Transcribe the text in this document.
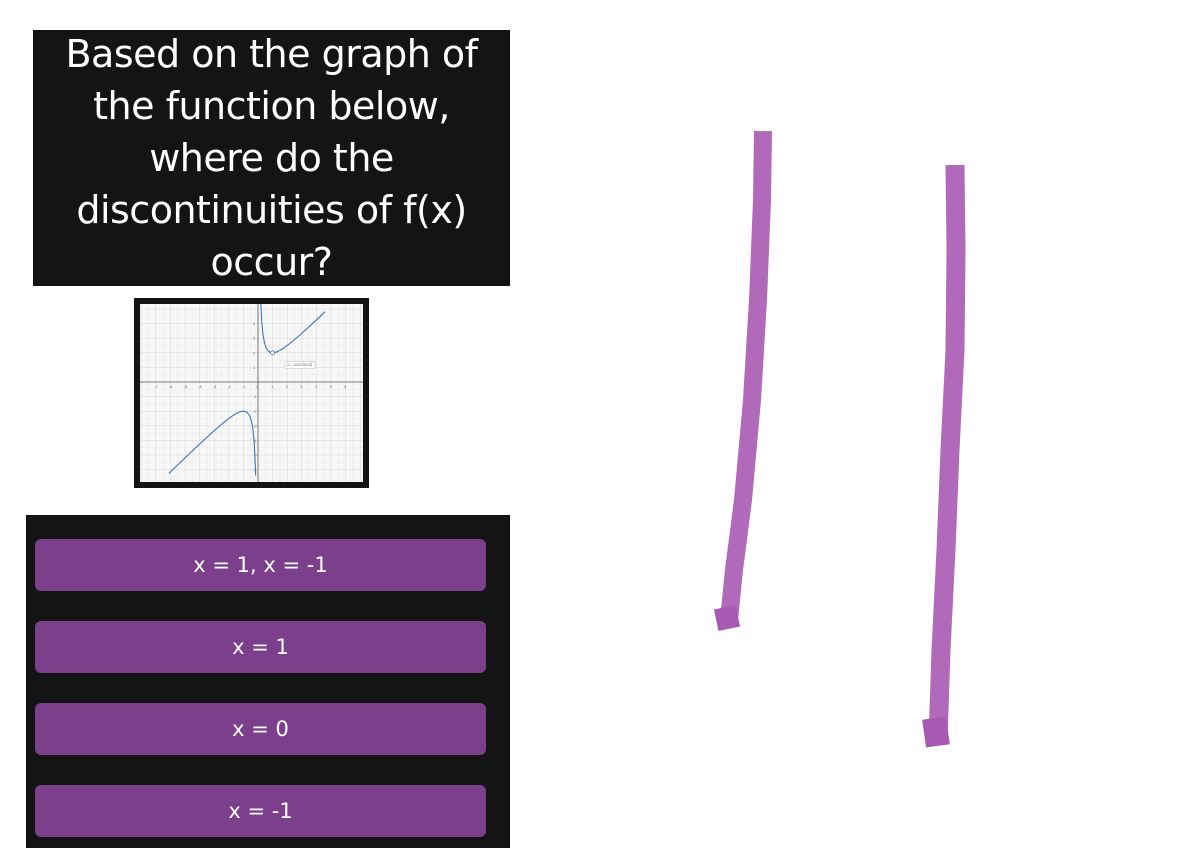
Based on the graph of
the function below,
where do the
discontinuities of f(x)
occur?
-7	-6	-5	-4	-3	-2	-1	0	1	2	3	4	5	6
4
3
2
1
-1
-2
-3
-4
-5
-6
(1, undefined)
x = 1, x = -1
x = 1
x = 0
x = -1
